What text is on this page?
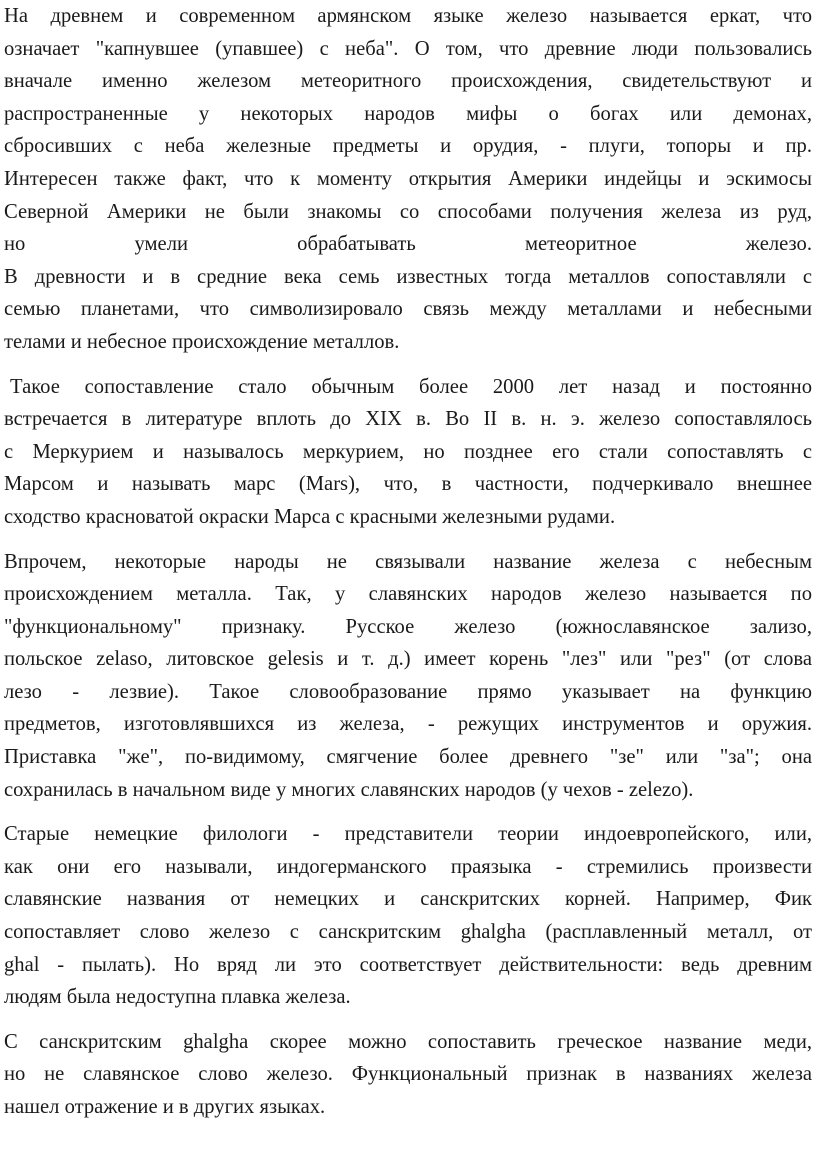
На древнем и современном армянском языке железо называется еркат, что
означает "капнувшее (упавшее) с неба". О том, что древние люди пользовались
вначале именно железом метеоритного происхождения, свидетельствуют и
распространенные у некоторых народов мифы о богах или демонах,
сбросивших с неба железные предметы и орудия, - плуги, топоры и пр.
Интересен также факт, что к моменту открытия Америки индейцы и эскимосы
Северной Америки не были знакомы со способами получения железа из руд,
но умели обрабатывать метеоритное железо.
В древности и в средние века семь известных тогда металлов сопоставляли с
семью планетами, что символизировало связь между металлами и небесными
телами и небесное происхождение металлов.

Такое сопоставление стало обычным более 2000 лет назад и постоянно
встречается в литературе вплоть до XIX в. Во II в. н. э. железо сопоставлялось
с Меркурием и называлось меркурием, но позднее его стали сопоставлять с
Марсом и называть марс (Mars), что, в частности, подчеркивало внешнее
сходство красноватой окраски Марса с красными железными рудами.

Впрочем, некоторые народы не связывали название железа с небесным
происхождением металла. Так, у славянских народов железо называется по
"функциональному" признаку. Русское железо (южнославянское зализо,
польское zelaso, литовское gelesis и т. д.) имеет корень "лез" или "рез" (от слова
лезо - лезвие). Такое словообразование прямо указывает на функцию
предметов, изготовлявшихся из железа, - режущих инструментов и оружия.
Приставка "же", по-видимому, смягчение более древнего "зе" или "за"; она
сохранилась в начальном виде у многих славянских народов (у чехов - zelezo).

Старые немецкие филологи - представители теории индоевропейского, или,
как они его называли, индогерманского праязыка - стремились произвести
славянские названия от немецких и санскритских корней. Например, Фик
сопоставляет слово железо с санскритским ghalgha (расплавленный металл, от
ghal - пылать). Но вряд ли это соответствует действительности: ведь древним
людям была недоступна плавка железа.

С санскритским ghalgha скорее можно сопоставить греческое название меди,
но не славянское слово железо. Функциональный признак в названиях железа
нашел отражение и в других языках.
